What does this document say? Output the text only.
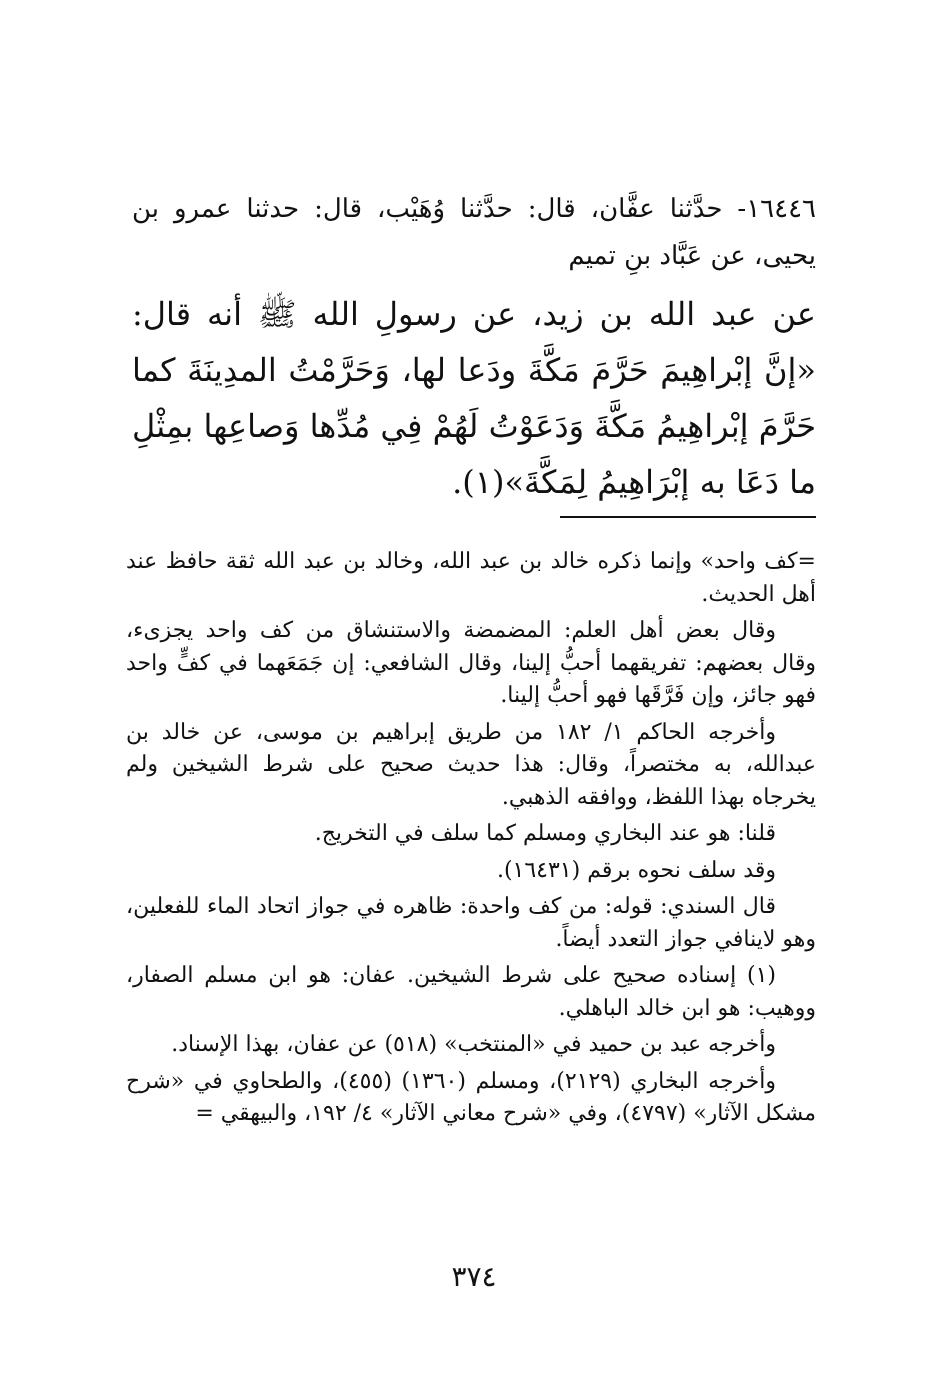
١٦٤٤٦- حدَّثنا عفَّان، قال: حدَّثنا وُهَيْب، قال: حدثنا عمرو بن يحيى، عن عَبَّاد بنِ تميم

عن عبد الله بن زيد، عن رسولِ الله ﷺ أنه قال: «إنَّ إبْراهِيمَ حَرَّمَ مَكَّةَ ودَعا لها، وَحَرَّمْتُ المدِينَةَ كما حَرَّمَ إبْراهِيمُ مَكَّةَ وَدَعَوْتُ لَهُمْ فِي مُدِّها وَصاعِها بمِثْلِ ما دَعَا به إبْرَاهِيمُ لِمَكَّةَ»(١).

=كف واحد» وإنما ذكره خالد بن عبد الله، وخالد بن عبد الله ثقة حافظ عند أهل الحديث.

وقال بعض أهل العلم: المضمضة والاستنشاق من كف واحد يجزىء، وقال بعضهم: تفريقهما أحبُّ إلينا، وقال الشافعي: إن جَمَعَهما في كفٍّ واحد فهو جائز، وإن فَرَّقَها فهو أحبُّ إلينا.

وأخرجه الحاكم ١/ ١٨٢ من طريق إبراهيم بن موسى، عن خالد بن عبدالله، به مختصراً، وقال: هذا حديث صحيح على شرط الشيخين ولم يخرجاه بهذا اللفظ، ووافقه الذهبي.

قلنا: هو عند البخاري ومسلم كما سلف في التخريج.

وقد سلف نحوه برقم (١٦٤٣١).

قال السندي: قوله: من كف واحدة: ظاهره في جواز اتحاد الماء للفعلين، وهو لاينافي جواز التعدد أيضاً.

(١) إسناده صحيح على شرط الشيخين. عفان: هو ابن مسلم الصفار، ووهيب: هو ابن خالد الباهلي.

وأخرجه عبد بن حميد في «المنتخب» (٥١٨) عن عفان، بهذا الإسناد.

وأخرجه البخاري (٢١٢٩)، ومسلم (١٣٦٠) (٤٥٥)، والطحاوي في «شرح مشكل الآثار» (٤٧٩٧)، وفي «شرح معاني الآثار» ٤/ ١٩٢، والبيهقي =

٣٧٤
